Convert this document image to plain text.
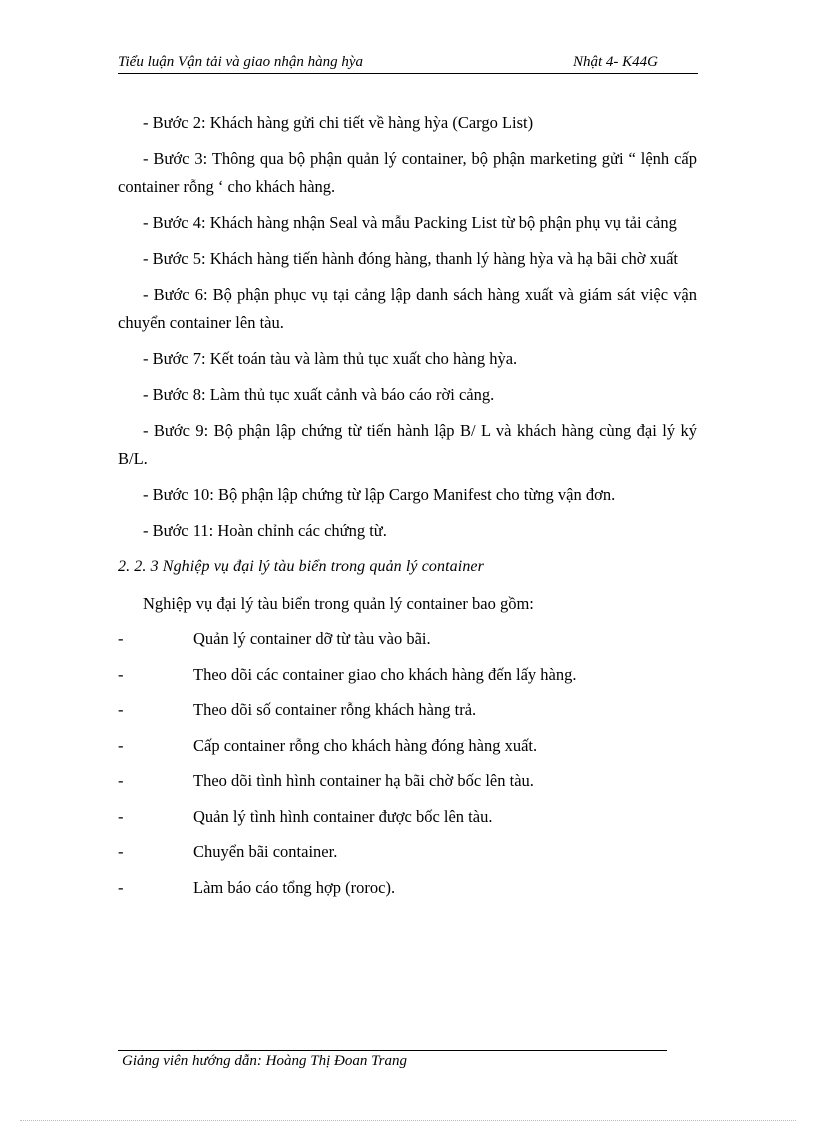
Tiểu luận Vận tải và giao nhận hàng hỳa	Nhật 4- K44G

- Bước 2: Khách hàng gửi chi tiết về hàng hỳa (Cargo List)

- Bước 3: Thông qua bộ phận quản lý container, bộ phận marketing gửi “ lệnh cấp container rỗng ‘ cho khách hàng.

- Bước 4: Khách hàng nhận Seal và mẫu Packing List từ bộ phận phụ vụ tải cảng

- Bước 5: Khách hàng tiến hành đóng hàng, thanh lý hàng hỳa và hạ bãi chờ xuất

- Bước 6: Bộ phận phục vụ tại cảng lập danh sách hàng xuất và giám sát việc vận chuyển container lên tàu.

- Bước 7: Kết toán tàu và làm thủ tục xuất cho hàng hỳa.

- Bước 8: Làm thủ tục xuất cảnh và báo cáo rời cảng.

- Bước 9: Bộ phận lập chứng từ tiến hành lập B/ L và khách hàng cùng đại lý ký B/L.

- Bước 10: Bộ phận lập chứng từ lập Cargo Manifest cho từng vận đơn.

- Bước 11: Hoàn chỉnh các chứng từ.

2. 2. 3 Nghiệp vụ đại lý tàu biển trong quản lý container

Nghiệp vụ đại lý tàu biển trong quản lý container bao gồm:

-	Quản lý container dỡ từ tàu vào bãi.
-	Theo dõi các container giao cho khách hàng đến lấy hàng.
-	Theo dõi số container rỗng khách hàng trả.
-	Cấp container rỗng cho khách hàng đóng hàng xuất.
-	Theo dõi tình hình container hạ bãi chờ bốc lên tàu.
-	Quản lý tình hình container được bốc lên tàu.
-	Chuyển bãi container.
-	Làm báo cáo tổng hợp (roroc).
Giảng viên hướng dẫn: Hoàng Thị Đoan Trang
